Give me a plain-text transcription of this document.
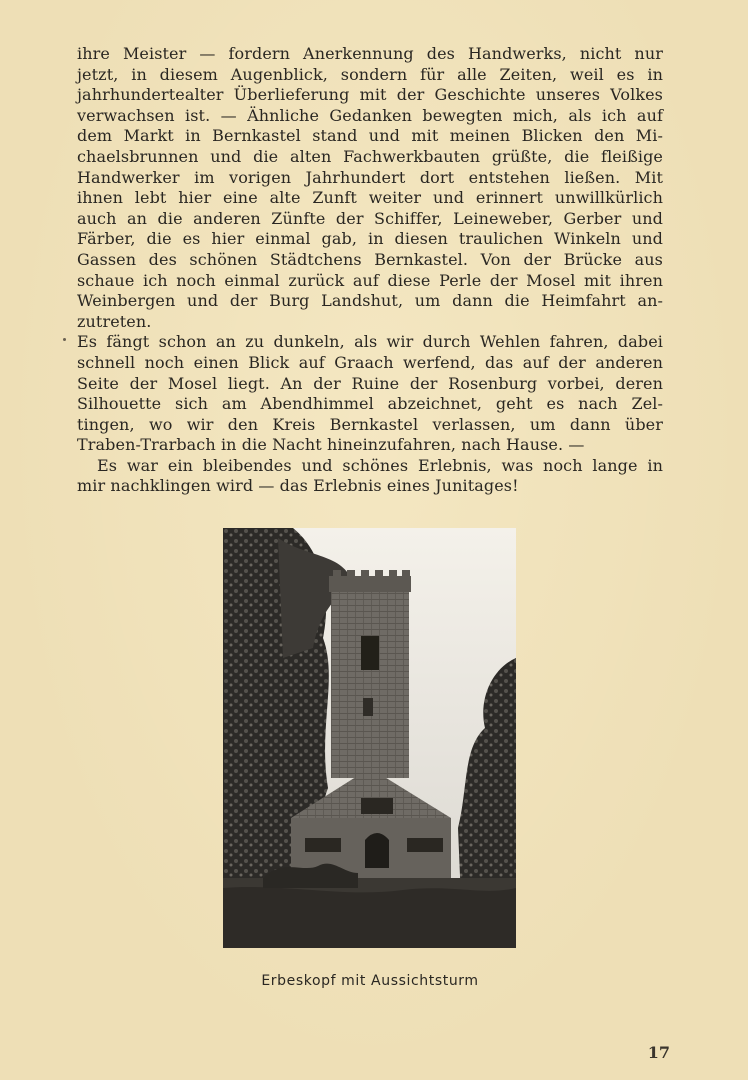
ihre Meister — fordern Anerkennung des Handwerks, nicht nur
jetzt, in diesem Augenblick, sondern für alle Zeiten, weil es in
jahrhundertealter Überlieferung mit der Geschichte unseres Volkes
verwachsen ist. — Ähnliche Gedanken bewegten mich, als ich auf
dem Markt in Bernkastel stand und mit meinen Blicken den Mi-
chaelsbrunnen und die alten Fachwerkbauten grüßte, die fleißige
Handwerker im vorigen Jahrhundert dort entstehen ließen. Mit
ihnen lebt hier eine alte Zunft weiter und erinnert unwillkürlich
auch an die anderen Zünfte der Schiffer, Leineweber, Gerber und
Färber, die es hier einmal gab, in diesen traulichen Winkeln und
Gassen des schönen Städtchens Bernkastel. Von der Brücke aus
schaue ich noch einmal zurück auf diese Perle der Mosel mit ihren
Weinbergen und der Burg Landshut, um dann die Heimfahrt an-
zutreten.
Es fängt schon an zu dunkeln, als wir durch Wehlen fahren, dabei
schnell noch einen Blick auf Graach werfend, das auf der anderen
Seite der Mosel liegt. An der Ruine der Rosenburg vorbei, deren
Silhouette sich am Abendhimmel abzeichnet, geht es nach Zel-
tingen, wo wir den Kreis Bernkastel verlassen, um dann über
Traben-Trarbach in die Nacht hineinzufahren, nach Hause. —
Es war ein bleibendes und schönes Erlebnis, was noch lange in
mir nachklingen wird — das Erlebnis eines Junitages!
Erbeskopf mit Aussichtsturm
17
